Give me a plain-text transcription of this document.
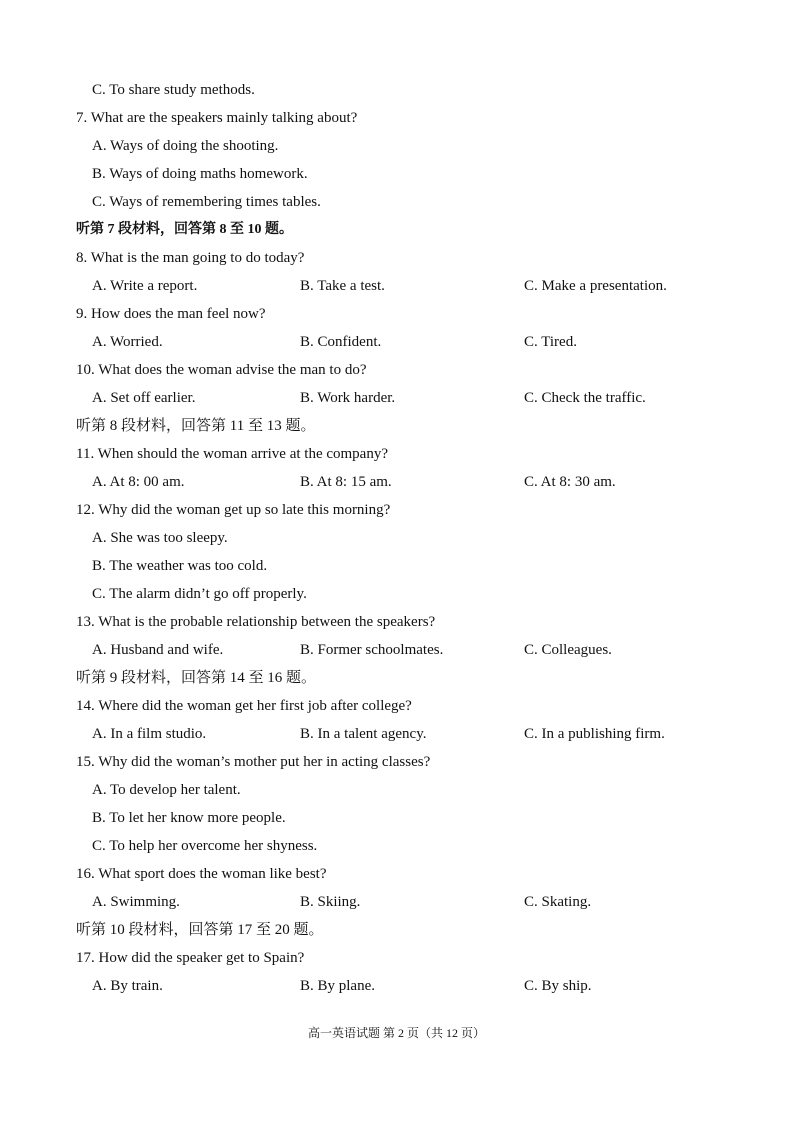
高一英语试题 第 2 页（共 12 页）
C. To share study methods.
7. What are the speakers mainly talking about?
A. Ways of doing the shooting.
B. Ways of doing maths homework.
C. Ways of remembering times tables.
听第 7 段材料，回答第 8 至 10 题。
8. What is the man going to do today?
A. Write a report.	B. Take a test.	C. Make a presentation.
9. How does the man feel now?
A. Worried.	B. Confident.	C. Tired.
10. What does the woman advise the man to do?
A. Set off earlier.	B. Work harder.	C. Check the traffic.
听第 8 段材料，回答第 11 至 13 题。
11. When should the woman arrive at the company?
A. At 8: 00 am.	B. At 8: 15 am.	C. At 8: 30 am.
12. Why did the woman get up so late this morning?
A. She was too sleepy.
B. The weather was too cold.
C. The alarm didn’t go off properly.
13. What is the probable relationship between the speakers?
A. Husband and wife.	B. Former schoolmates.	C. Colleagues.
听第 9 段材料，回答第 14 至 16 题。
14. Where did the woman get her first job after college?
A. In a film studio.	B. In a talent agency.	C. In a publishing firm.
15. Why did the woman’s mother put her in acting classes?
A. To develop her talent.
B. To let her know more people.
C. To help her overcome her shyness.
16. What sport does the woman like best?
A. Swimming.	B. Skiing.	C. Skating.
听第 10 段材料，回答第 17 至 20 题。
17. How did the speaker get to Spain?
A. By train.	B. By plane.	C. By ship.
